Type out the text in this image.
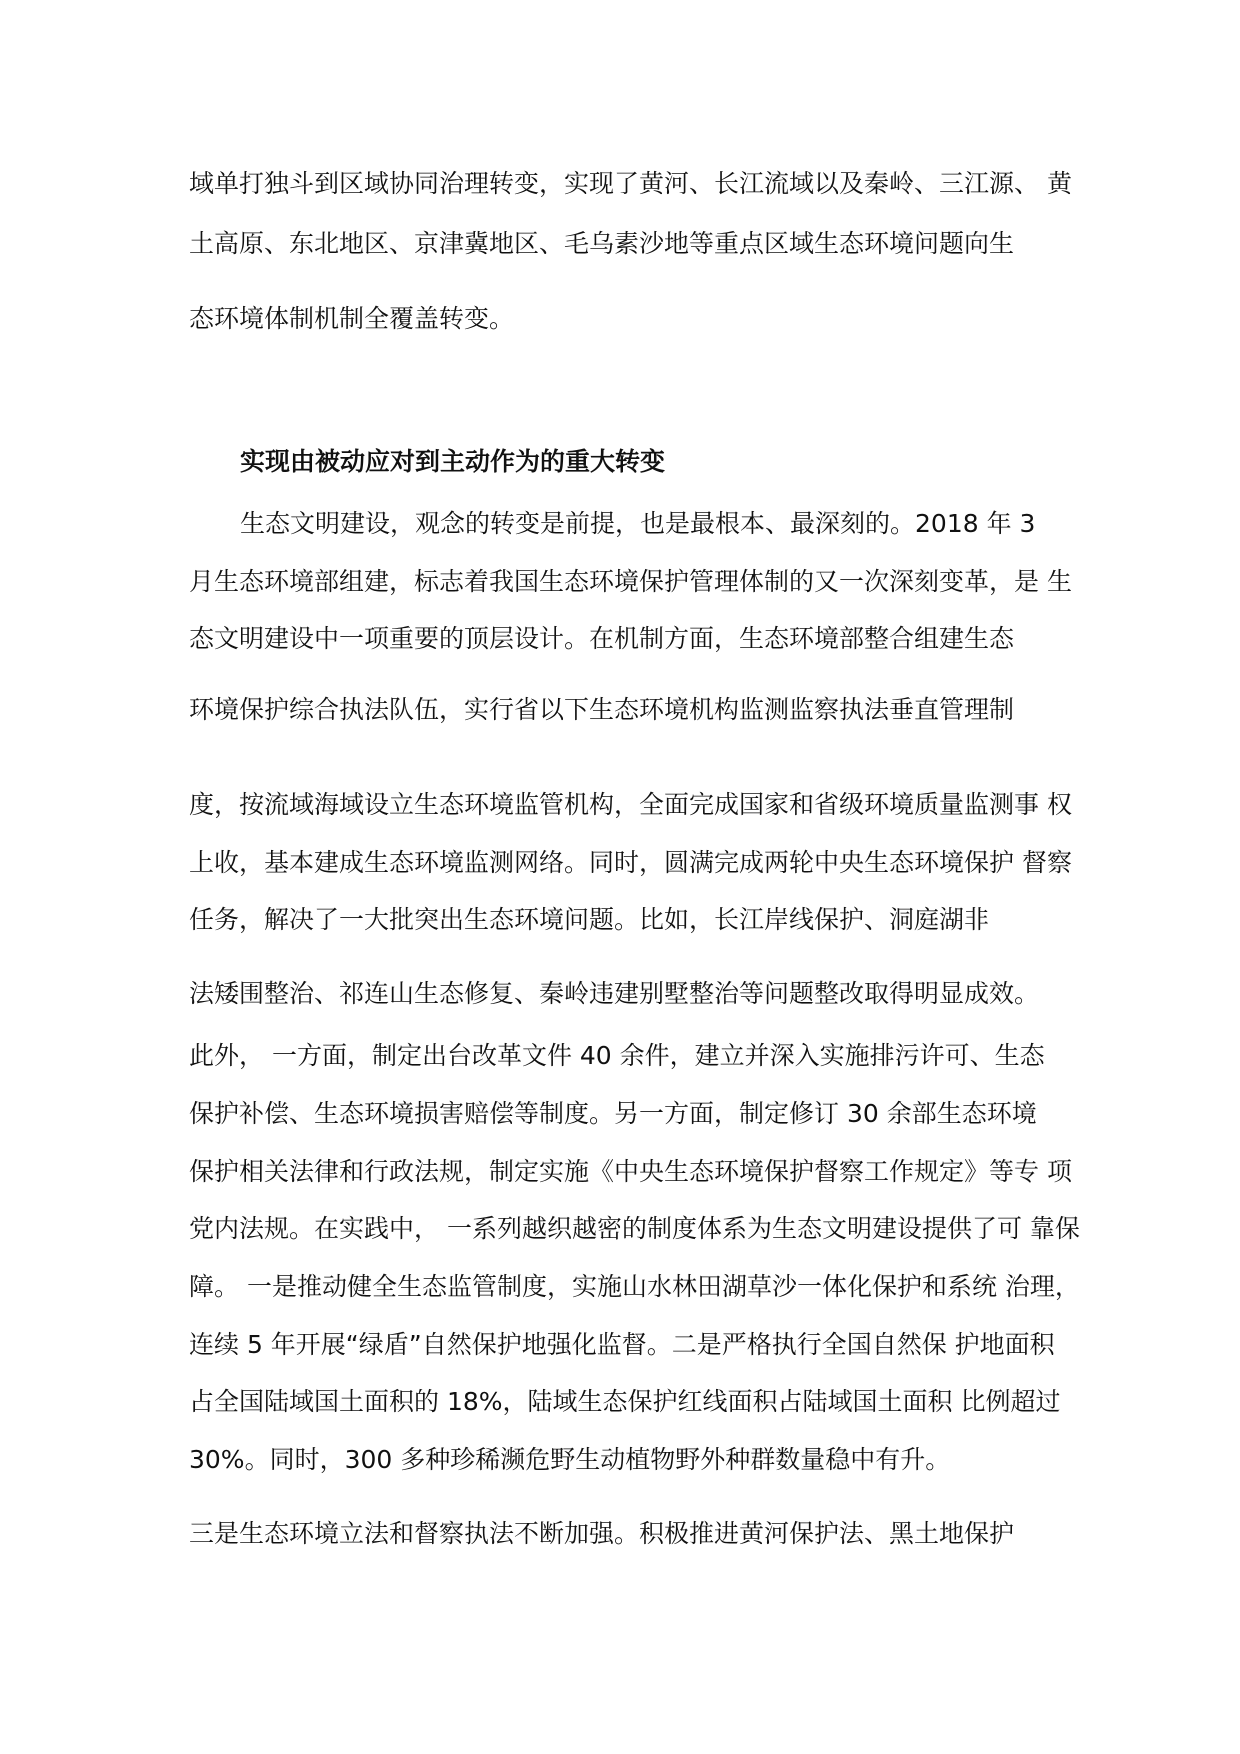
域单打独斗到区域协同治理转变，实现了黄河、长江流域以及秦岭、三江源、 黄
土高原、东北地区、京津冀地区、毛乌素沙地等重点区域生态环境问题向生
态环境体制机制全覆盖转变。
实现由被动应对到主动作为的重大转变
生态文明建设，观念的转变是前提，也是最根本、最深刻的。2018 年 3
月生态环境部组建，标志着我国生态环境保护管理体制的又一次深刻变革，是 生
态文明建设中一项重要的顶层设计。在机制方面，生态环境部整合组建生态
环境保护综合执法队伍，实行省以下生态环境机构监测监察执法垂直管理制
度，按流域海域设立生态环境监管机构，全面完成国家和省级环境质量监测事 权
上收，基本建成生态环境监测网络。同时，圆满完成两轮中央生态环境保护 督察
任务，解决了一大批突出生态环境问题。比如，长江岸线保护、洞庭湖非
法矮围整治、祁连山生态修复、秦岭违建别墅整治等问题整改取得明显成效。
此外， 一方面，制定出台改革文件 40 余件，建立并深入实施排污许可、生态
保护补偿、生态环境损害赔偿等制度。另一方面，制定修订 30 余部生态环境
保护相关法律和行政法规，制定实施《中央生态环境保护督察工作规定》等专 项
党内法规。在实践中， 一系列越织越密的制度体系为生态文明建设提供了可 靠保
障。 一是推动健全生态监管制度，实施山水林田湖草沙一体化保护和系统 治理，
连续 5 年开展“绿盾”自然保护地强化监督。二是严格执行全国自然保 护地面积
占全国陆域国土面积的 18%，陆域生态保护红线面积占陆域国土面积 比例超过
30%。同时，300 多种珍稀濒危野生动植物野外种群数量稳中有升。
三是生态环境立法和督察执法不断加强。积极推进黄河保护法、黑土地保护
